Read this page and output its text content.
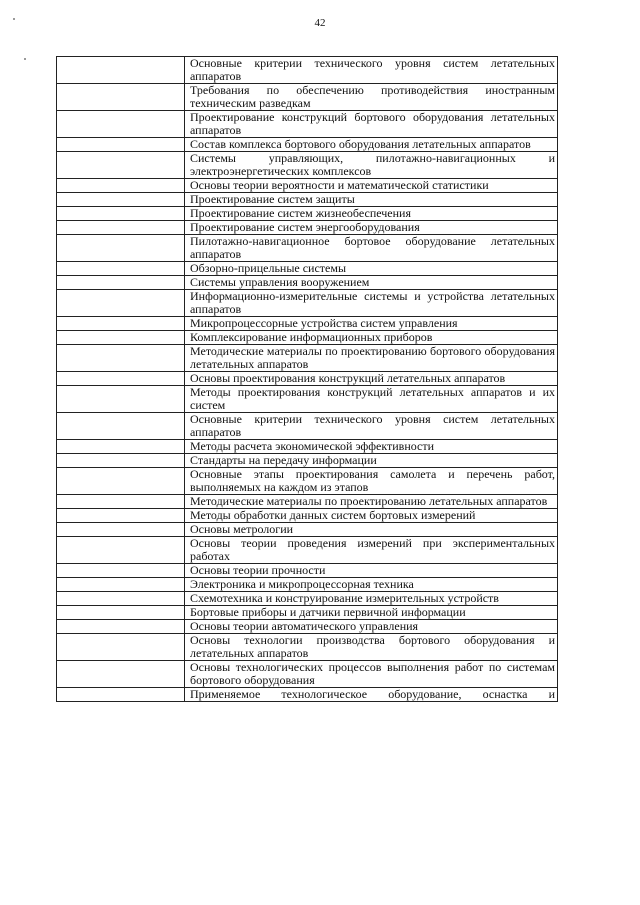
42
	Основные критерии технического уровня систем летательных аппаратов
	Требования по обеспечению противодействия иностранным техническим разведкам
	Проектирование конструкций бортового оборудования летательных аппаратов
	Состав комплекса бортового оборудования летательных аппаратов
	Системы управляющих, пилотажно-навигационных и электроэнергетических комплексов
	Основы теории вероятности и математической статистики
	Проектирование систем защиты
	Проектирование систем жизнеобеспечения
	Проектирование систем энергооборудования
	Пилотажно-навигационное бортовое оборудование летательных аппаратов
	Обзорно-прицельные системы
	Системы управления вооружением
	Информационно-измерительные системы и устройства летательных аппаратов
	Микропроцессорные устройства систем управления
	Комплексирование информационных приборов
	Методические материалы по проектированию бортового оборудования летательных аппаратов
	Основы проектирования конструкций летательных аппаратов
	Методы проектирования конструкций летательных аппаратов и их систем
	Основные критерии технического уровня систем летательных аппаратов
	Методы расчета экономической эффективности
	Стандарты на передачу информации
	Основные этапы проектирования самолета и перечень работ, выполняемых на каждом из этапов
	Методические материалы по проектированию летательных аппаратов
	Методы обработки данных систем бортовых измерений
	Основы метрологии
	Основы теории проведения измерений при экспериментальных работах
	Основы теории прочности
	Электроника и микропроцессорная техника
	Схемотехника и конструирование измерительных устройств
	Бортовые приборы и датчики первичной информации
	Основы теории автоматического управления
	Основы технологии производства бортового оборудования и летательных аппаратов
	Основы технологических процессов выполнения работ по системам бортового оборудования
	Применяемое технологическое оборудование, оснастка и
